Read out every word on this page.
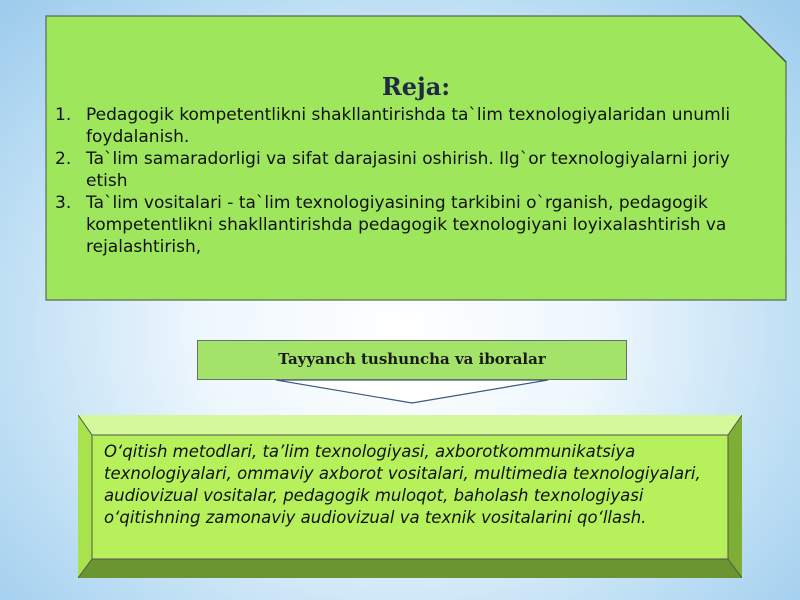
Reja:
1. Pedagogik kompetentlikni shakllantirishda ta`lim texnologiyalaridan unumli foydalanish.
2. Ta`lim samaradorligi va sifat darajasini oshirish. Ilg`or texnologiyalarni joriy etish
3. Ta`lim vositalari - ta`lim texnologiyasining tarkibini o`rganish, pedagogik kompetentlikni shakllantirishda pedagogik texnologiyani loyixalashtirish va rejalashtirish,
Tayyanch tushuncha va iboralar
O‘qitish metodlari, ta’lim texnologiyasi, axborotkommunikatsiya texnologiyalari, ommaviy axborot vositalari, multimedia texnologiyalari, audiovizual vositalar, pedagogik muloqot, baholash texnologiyasi o‘qitishning zamonaviy audiovizual va texnik vositalarini qo‘llash.
